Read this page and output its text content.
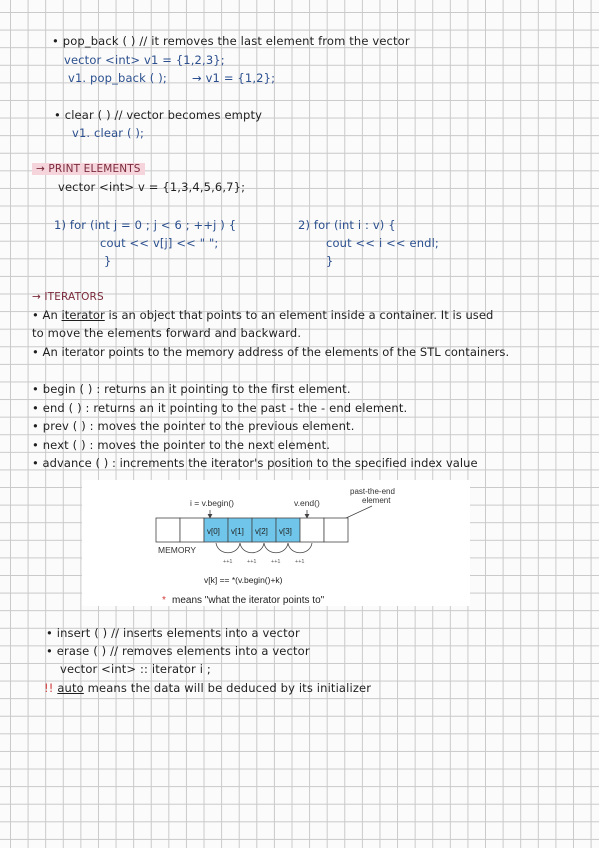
• pop_back ( ) // it removes the last element from the vector
vector <int> v1 = {1,2,3};
v1. pop_back ( ); → v1 = {1,2};
• clear ( ) // vector becomes empty
v1. clear ( );
→ PRINT ELEMENTS
vector <int> v = {1,3,4,5,6,7};
1) for (int j = 0 ; j < 6 ; ++j ) {
cout << v[j] << " ";
}
2) for (int i : v) {
cout << i << endl;
}
→ ITERATORS
• An iterator is an object that points to an element inside a container. It is used
to move the elements forward and backward.
• An iterator points to the memory address of the elements of the STL containers.
• begin ( ) : returns an it pointing to the first element.
• end ( ) : returns an it pointing to the past - the - end element.
• prev ( ) : moves the pointer to the previous element.
• next ( ) : moves the pointer to the next element.
• advance ( ) : increments the iterator's position to the specified index value
i = v.begin()	v.end()
past-the-end
element
v[0] v[1] v[2] v[3]
MEMORY
++1	++1	++1	++1
v[k] == *(v.begin()+k)
* means "what the iterator points to"
• insert ( ) // inserts elements into a vector
• erase ( ) // removes elements into a vector
vector <int> :: iterator i ;
!! auto means the data will be deduced by its initializer
